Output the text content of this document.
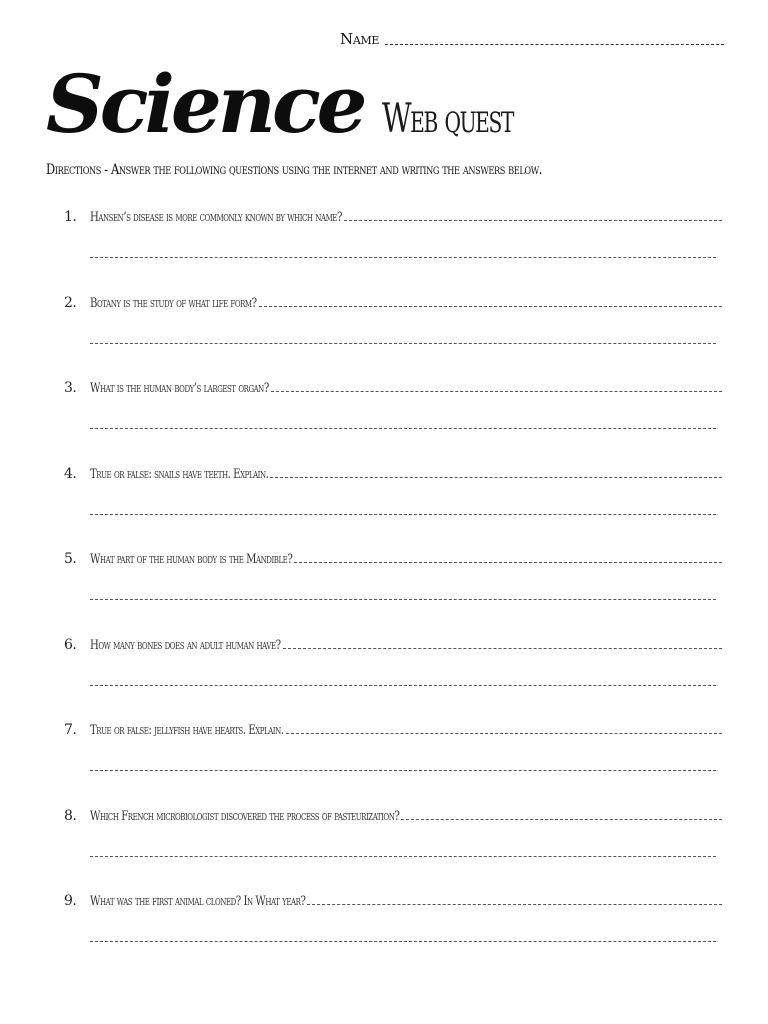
Name
Science Web quest
Directions - Answer the following questions using the internet and writing the answers below.
1.	Hansen’s disease is more commonly known by which name?
2.	Botany is the study of what life form?
3.	What is the human body’s largest organ?
4.	True or false: snails have teeth. Explain.
5.	What part of the human body is the Mandible?
6.	How many bones does an adult human have?
7.	True or false: jellyfish have hearts. Explain.
8.	Which French microbiologist discovered the process of pasteurization?
9.	What was the first animal cloned? In What year?
